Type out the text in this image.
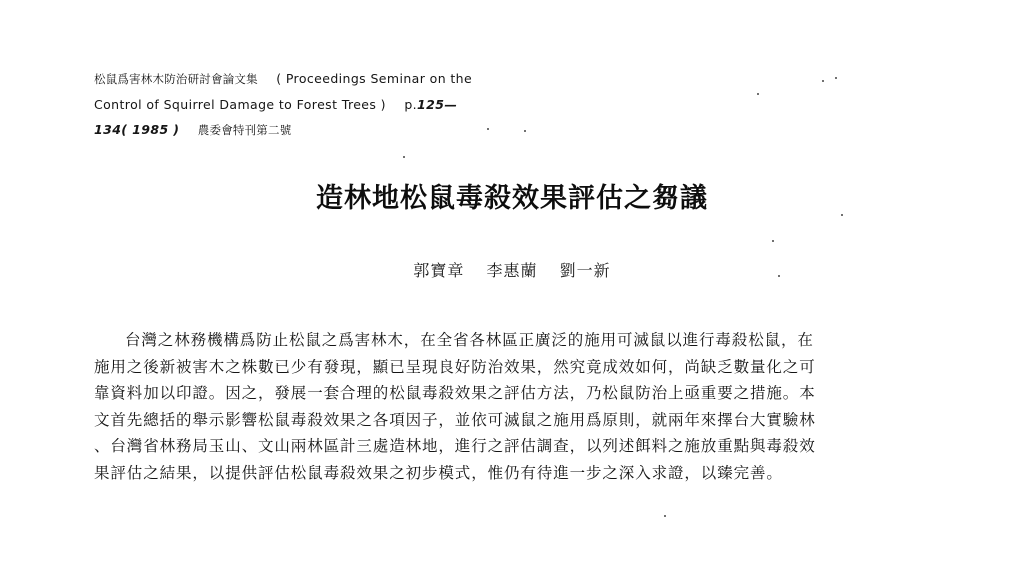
松鼠爲害林木防治研討會論文集 ( Proceedings Seminar on the
Control of Squirrel Damage to Forest Trees ) p.125—
134( 1985 ) 農委會特刊第二號
造林地松鼠毒殺效果評估之芻議
郭寶章 李惠蘭 劉一新
台灣之林務機構爲防止松鼠之爲害林木，在全省各林區正廣泛的施用可滅鼠以進行毒殺松鼠，在
施用之後新被害木之株數已少有發現，顯已呈現良好防治效果，然究竟成效如何，尚缺乏數量化之可
靠資料加以印證。因之，發展一套合理的松鼠毒殺效果之評估方法，乃松鼠防治上亟重要之措施。本
文首先總括的舉示影響松鼠毒殺效果之各項因子，並依可滅鼠之施用爲原則，就兩年來擇台大實驗林
、台灣省林務局玉山、文山兩林區計三處造林地，進行之評估調查，以列述餌料之施放重點與毒殺效
果評估之結果，以提供評估松鼠毒殺效果之初步模式，惟仍有待進一步之深入求證，以臻完善。
